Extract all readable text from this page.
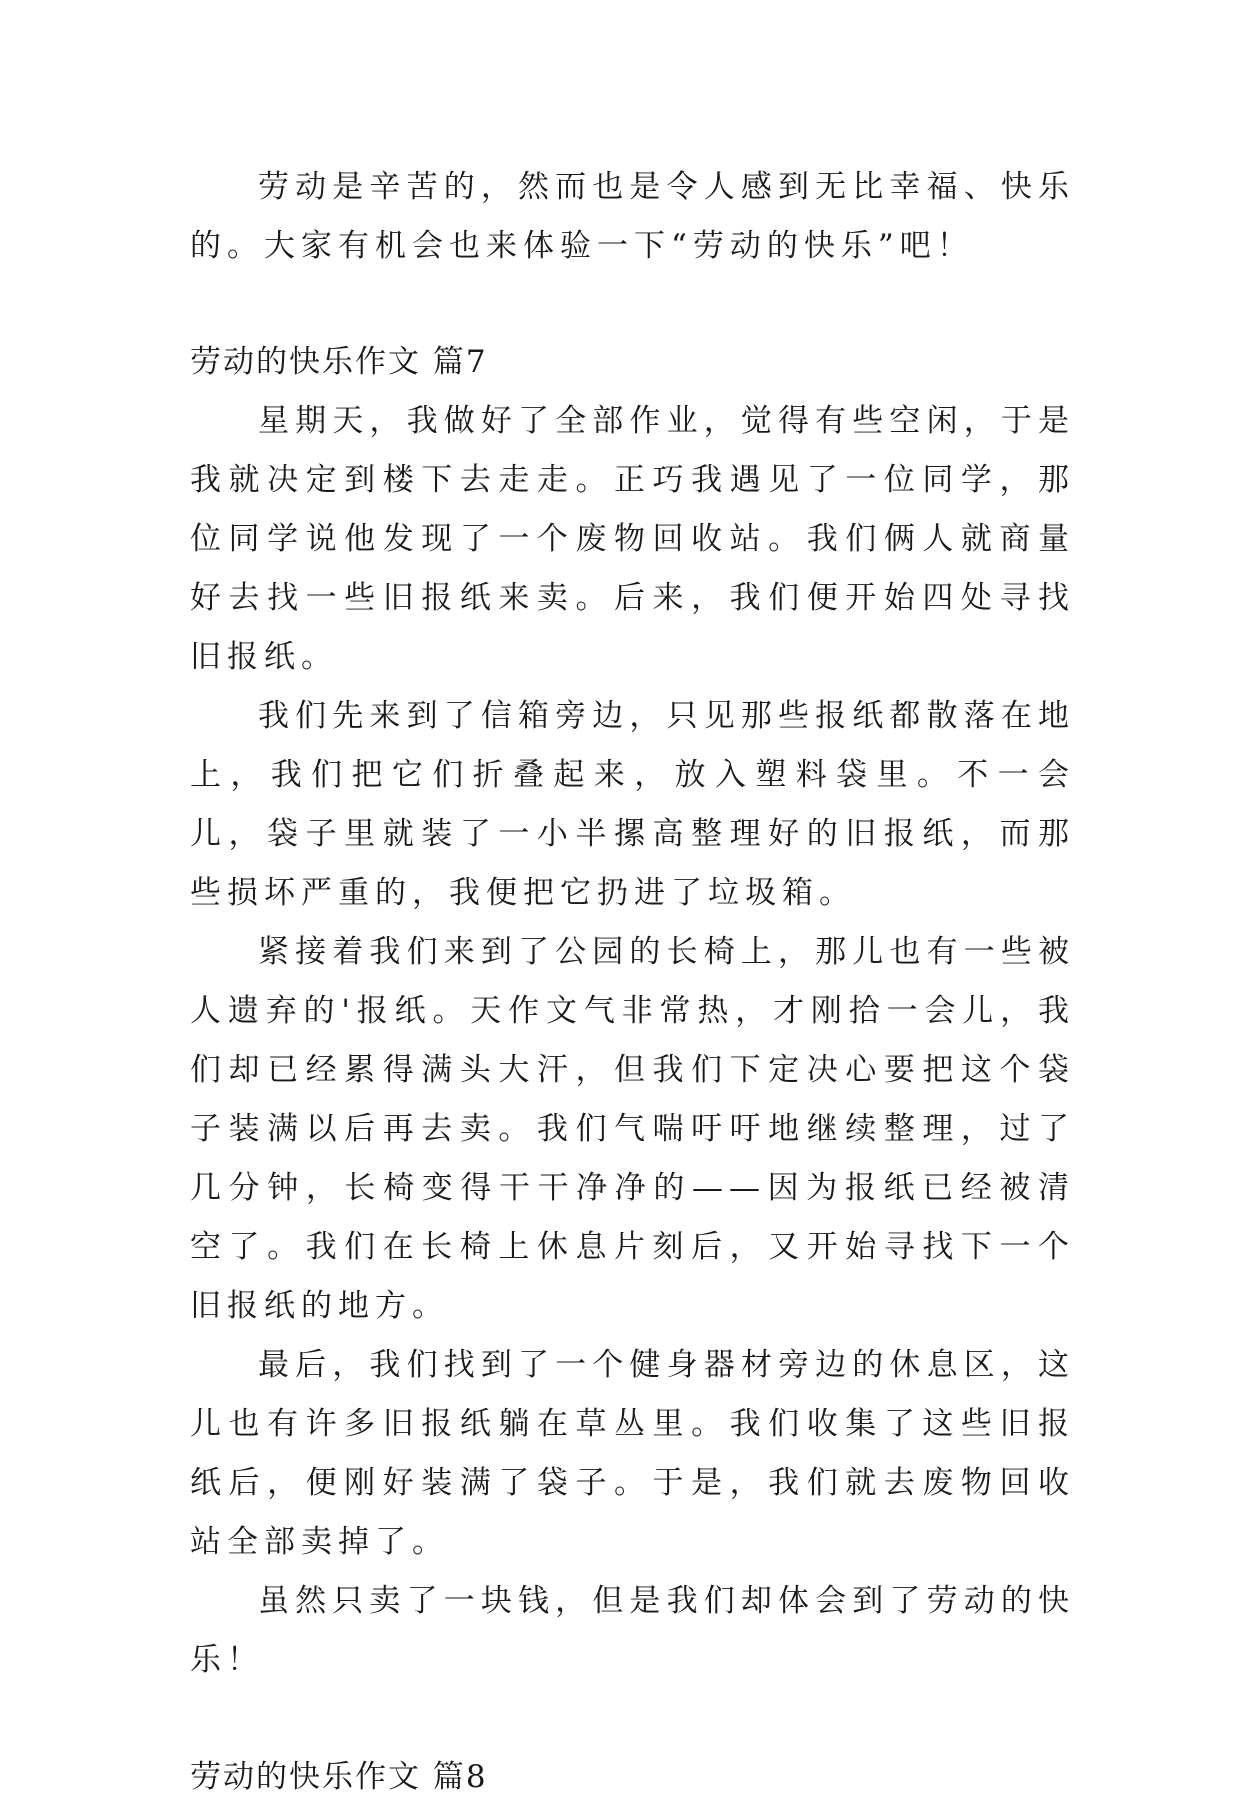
劳动是辛苦的，然而也是令人感到无比幸福、快乐的。大家有机会也来体验一下“劳动的快乐”吧！

劳动的快乐作文 篇7

星期天，我做好了全部作业，觉得有些空闲，于是我就决定到楼下去走走。正巧我遇见了一位同学，那位同学说他发现了一个废物回收站。我们俩人就商量好去找一些旧报纸来卖。后来，我们便开始四处寻找旧报纸。

我们先来到了信箱旁边，只见那些报纸都散落在地上，我们把它们折叠起来，放入塑料袋里。不一会儿，袋子里就装了一小半摞高整理好的旧报纸，而那些损坏严重的，我便把它扔进了垃圾箱。

紧接着我们来到了公园的长椅上，那儿也有一些被人遗弃的'报纸。天作文气非常热，才刚拾一会儿，我们却已经累得满头大汗，但我们下定决心要把这个袋子装满以后再去卖。我们气喘吁吁地继续整理，过了几分钟，长椅变得干干净净的——因为报纸已经被清空了。我们在长椅上休息片刻后，又开始寻找下一个旧报纸的地方。

最后，我们找到了一个健身器材旁边的休息区，这儿也有许多旧报纸躺在草丛里。我们收集了这些旧报纸后，便刚好装满了袋子。于是，我们就去废物回收站全部卖掉了。

虽然只卖了一块钱，但是我们却体会到了劳动的快乐！

劳动的快乐作文 篇8
